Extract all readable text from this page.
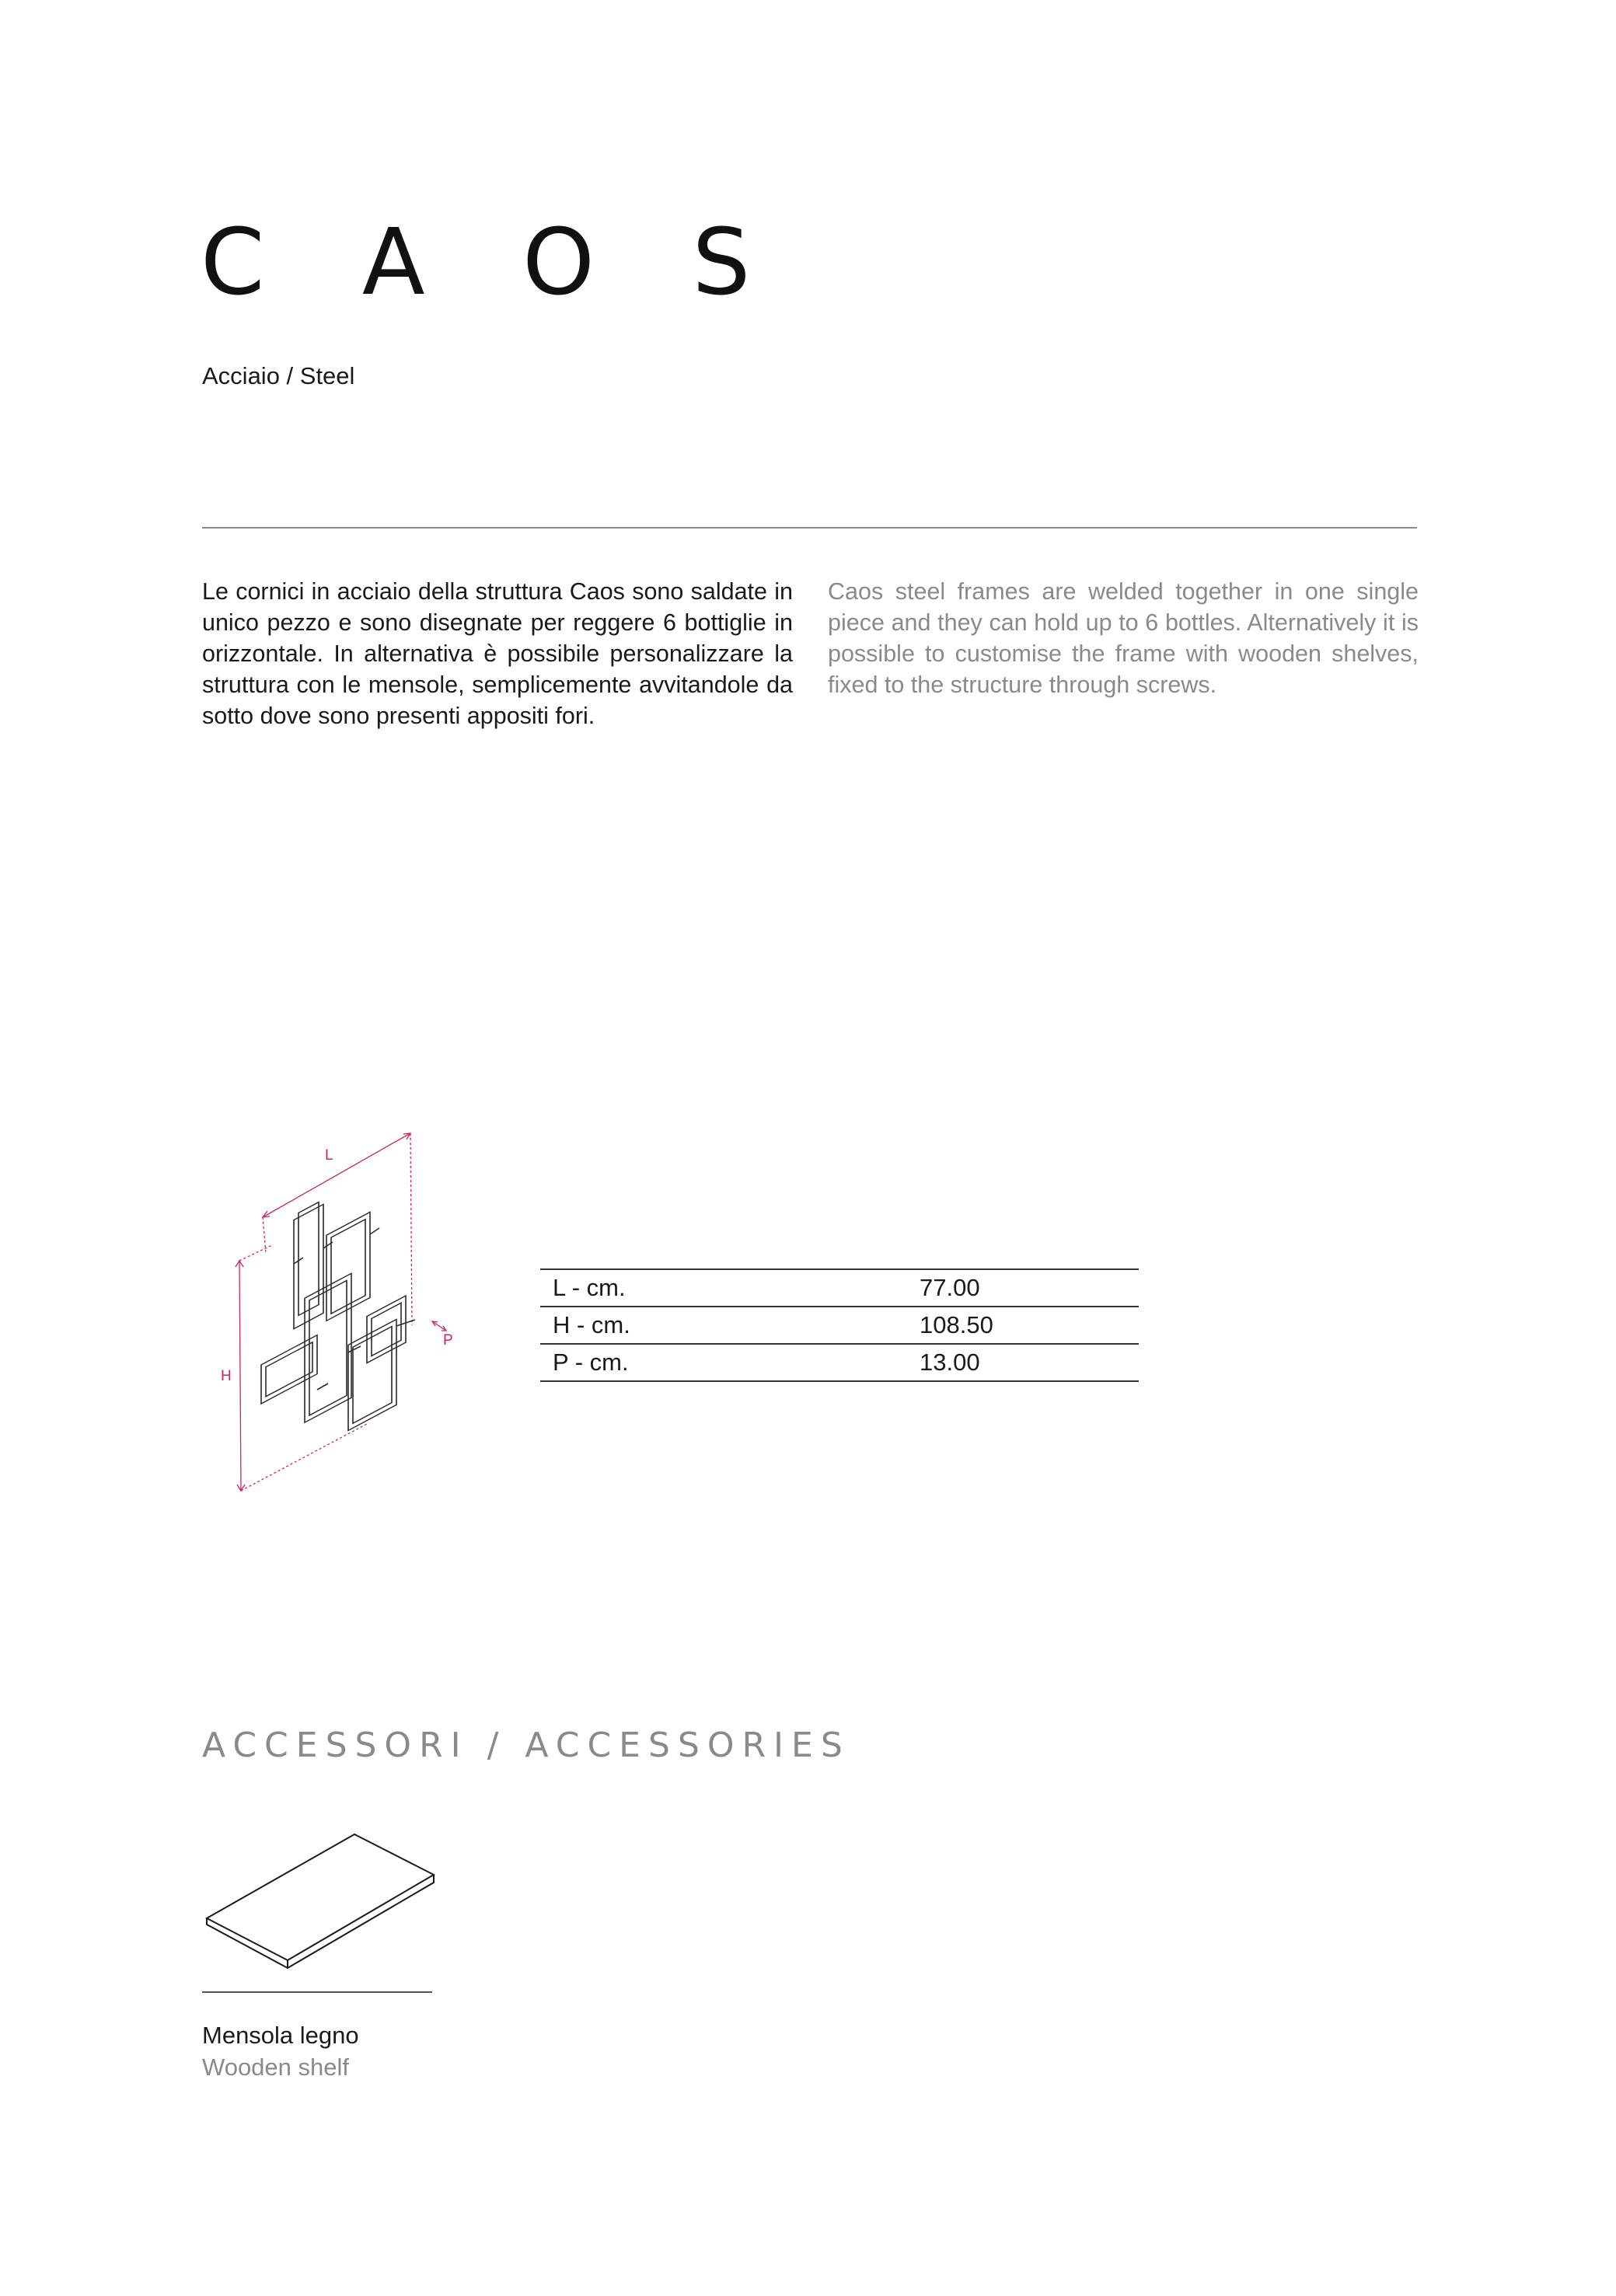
C A O S
Acciaio / Steel

Le cornici in acciaio della struttura Caos sono saldate in unico pezzo e sono disegnate per reggere 6 bottiglie in orizzontale. In alternativa è possibile personalizzare la struttura con le mensole, semplicemente avvitandole da sotto dove sono presenti appositi fori.

Caos steel frames are welded together in one single piece and they can hold up to 6 bottles. Alternatively it is possible to customise the frame with wooden shelves, fixed to the structure through screws.

L
H
P
L - cm.	77.00
H - cm.	108.50
P - cm.	13.00
ACCESSORI / ACCESSORIES
Mensola legno
Wooden shelf
